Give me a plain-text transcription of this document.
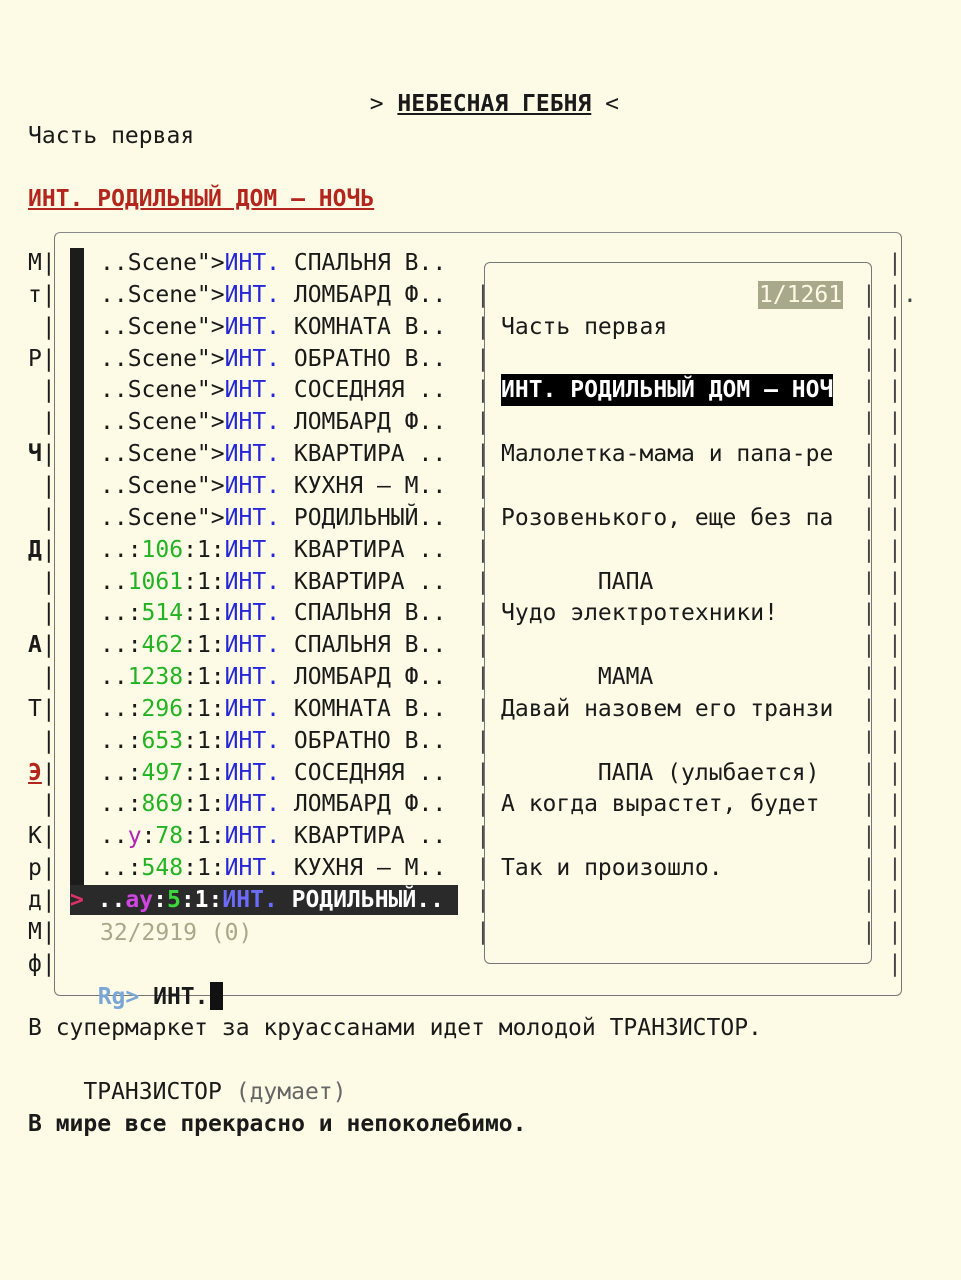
> НЕБЕСНАЯ ГЕБНЯ <

Часть первая
ИНТ. РОДИЛЬНЫЙ ДОМ — НОЧЬ
М|
т|
|
Р|
|
|
Ч|
|
|
Д|
|
|
А|
|
Т|
|
Э|
|
К|
р|
д|
М|
ф|
..Scene">ИНТ. СПАЛЬНЯ В..
..Scene">ИНТ. ЛОМБАРД Ф..
..Scene">ИНТ. КОМНАТА В..
..Scene">ИНТ. ОБРАТНО В..
..Scene">ИНТ. СОСЕДНЯЯ ..
..Scene">ИНТ. ЛОМБАРД Ф..
..Scene">ИНТ. КВАРТИРА ..
..Scene">ИНТ. КУХНЯ — М..
..Scene">ИНТ. РОДИЛЬНЫЙ..
..:106:1:ИНТ. КВАРТИРА ..
..1061:1:ИНТ. КВАРТИРА ..
..:514:1:ИНТ. СПАЛЬНЯ В..
..:462:1:ИНТ. СПАЛЬНЯ В..
..1238:1:ИНТ. ЛОМБАРД Ф..
..:296:1:ИНТ. КОМНАТА В..
..:653:1:ИНТ. ОБРАТНО В..
..:497:1:ИНТ. СОСЕДНЯЯ ..
..:869:1:ИНТ. ЛОМБАРД Ф..
..у:78:1:ИНТ. КВАРТИРА ..
..:548:1:ИНТ. КУХНЯ — М..
> ..ау:5:1:ИНТ. РОДИЛЬНЫЙ..
32/2919 (0)

Rg> ИНТ.

|
|
|
|
|
|
|
|
|
|
|
|
|
|
|
|
|
|
|
|
|
1/1261
Часть первая
ИНТ. РОДИЛЬНЫЙ ДОМ — НОЧ
Малолетка-мама и папа-ре
Розовенького, еще без па
ПАПА
Чудо электротехники!
МАМА
Давай назовем его транзи
ПАПА (улыбается)
А когда вырастет, будет
Так и произошло.
|
| |
| |
| |
| |
| |
| |
| |
| |
| |
| |
| |
| |
| |
| |
| |
| |
| |
| |
| |
| |
| |
|
.
В супермаркет за круассанами идет молодой ТРАНЗИСТОР.
ТРАНЗИСТОР (думает)
В мире все прекрасно и непоколебимо.
